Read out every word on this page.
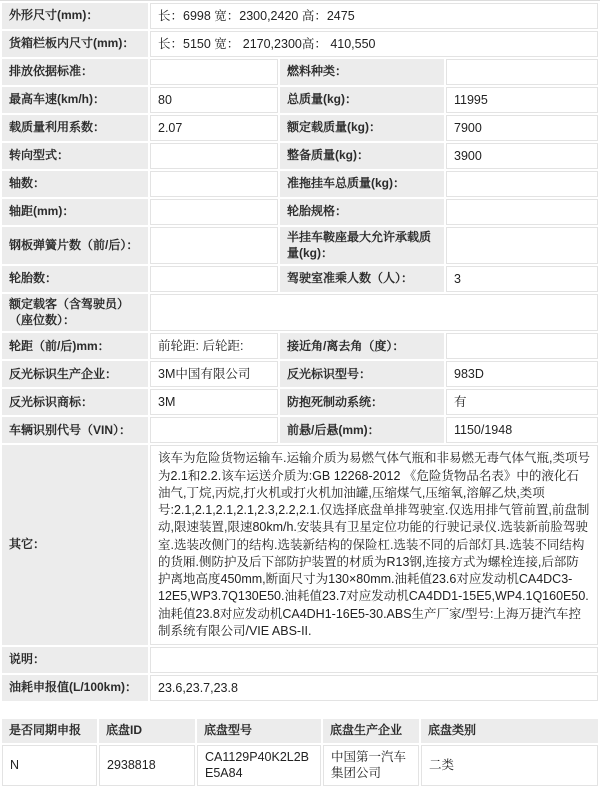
外形尺寸(mm)：	长：6998 宽：2300,2420 高：2475		
货箱栏板内尺寸(mm)：	长：5150 宽： 2170,2300高： 410,550		
排放依据标准：		燃料种类：	
最高车速(km/h)：	80	总质量(kg)：	11995
载质量利用系数：	2.07	额定载质量(kg)：	7900
转向型式：		整备质量(kg)：	3900
轴数：		准拖挂车总质量(kg)：	
轴距(mm)：		轮胎规格：	
钢板弹簧片数（前/后）：		半挂车鞍座最大允许承载质量(kg)：	
轮胎数：		驾驶室准乘人数（人）：	3
额定载客（含驾驶员）（座位数）：			
轮距（前/后)mm：	前轮距: 后轮距:	接近角/离去角（度）：	
反光标识生产企业：	3M中国有限公司	反光标识型号：	983D
反光标识商标：	3M	防抱死制动系统：	有
车辆识别代号（VIN）：		前悬/后悬(mm)：	1150/1948
其它：	该车为危险货物运输车.运输介质为易燃气体气瓶和非易燃无毒气体气瓶,类项号为2.1和2.2.该车运送介质为:GB 12268-2012 《危险货物品名表》中的液化石油气,丁烷,丙烷,打火机或打火机加油罐,压缩煤气,压缩氧,溶解乙炔,类项号:2.1,2.1,2.1,2.1,2.3,2.2,2.1.仅选择底盘单排驾驶室.仅选用排气管前置,前盘制动,限速装置,限速80km/h.安装具有卫星定位功能的行驶记录仪.选装新前脸驾驶室.选装改侧门的结构.选装新结构的保险杠.选装不同的后部灯具.选装不同结构的货厢.侧防护及后下部防护装置的材质为R13钢,连接方式为螺栓连接,后部防护离地高度450mm,断面尺寸为130×80mm.油耗值23.6对应发动机CA4DC3-12E5,WP3.7Q130E50.油耗值23.7对应发动机CA4DD1-15E5,WP4.1Q160E50.油耗值23.8对应发动机CA4DH1-16E5-30.ABS生产厂家/型号:上海万捷汽车控制系统有限公司/VIE ABS-II.		
说明：			
油耗申报值(L/100km)：	23.6,23.7,23.8		
是否同期申报	底盘ID	底盘型号	底盘生产企业	底盘类别
N	2938818	CA1129P40K2L2BE5A84	中国第一汽车集团公司	二类
